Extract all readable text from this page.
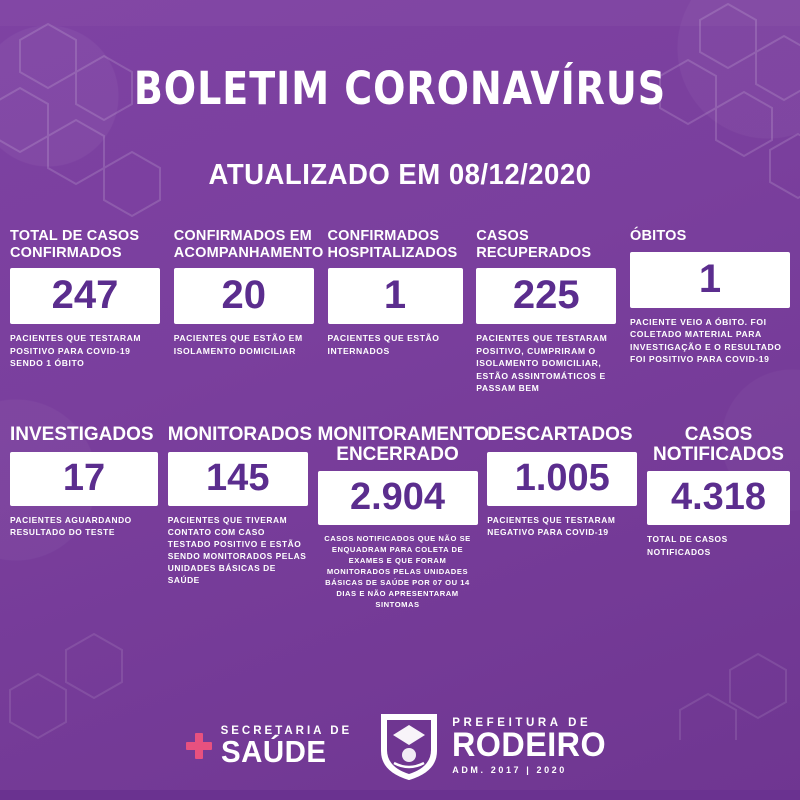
BOLETIM CORONAVÍRUS
ATUALIZADO EM 08/12/2020
TOTAL DE CASOS CONFIRMADOS
247
PACIENTES QUE TESTARAM POSITIVO PARA COVID-19 SENDO 1 ÓBITO
CONFIRMADOS EM ACOMPANHAMENTO
20
PACIENTES QUE ESTÃO EM ISOLAMENTO DOMICILIAR
CONFIRMADOS HOSPITALIZADOS
1
PACIENTES QUE ESTÃO INTERNADOS
CASOS RECUPERADOS
225
PACIENTES QUE TESTARAM POSITIVO, CUMPRIRAM O ISOLAMENTO DOMICILIAR, ESTÃO ASSINTOMÁTICOS E PASSAM BEM
ÓBITOS
1
PACIENTE VEIO A ÓBITO. FOI COLETADO MATERIAL PARA INVESTIGAÇÃO E O RESULTADO FOI POSITIVO PARA COVID-19
INVESTIGADOS
17
PACIENTES AGUARDANDO RESULTADO DO TESTE
MONITORADOS
145
PACIENTES QUE TIVERAM CONTATO COM CASO TESTADO POSITIVO E ESTÃO SENDO MONITORADOS PELAS UNIDADES BÁSICAS DE SAÚDE
MONITORAMENTO ENCERRADO
2.904
CASOS NOTIFICADOS QUE NÃO SE ENQUADRAM PARA COLETA DE EXAMES E QUE FORAM MONITORADOS PELAS UNIDADES BÁSICAS DE SAÚDE POR 07 OU 14 DIAS E NÃO APRESENTARAM SINTOMAS
DESCARTADOS
1.005
PACIENTES QUE TESTARAM NEGATIVO PARA COVID-19
CASOS NOTIFICADOS
4.318
TOTAL DE CASOS NOTIFICADOS
SECRETARIA DE
SAÚDE
PREFEITURA DE
RODEIRO
ADM. 2017 | 2020
